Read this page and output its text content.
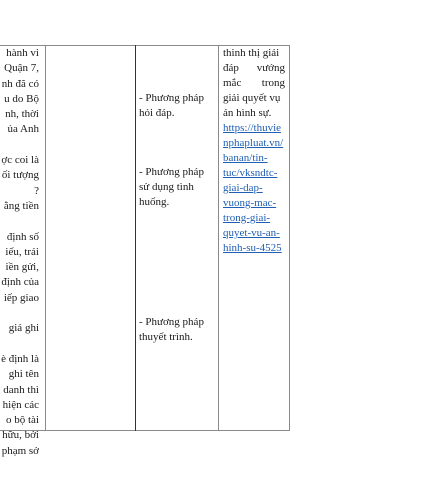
hành vi
Quận 7,
nh đã có
u do Bộ
nh, thời
ủa Anh
ợc coi là
ối tượng
?
ằng tiền
định số
iếu, trái
iền gửi,
định của
iếp giao
giá ghi
è định là
ghi tên
danh thì
hiện các
o bộ tài
hữu, bởi
phạm sở
- Phương pháp
hỏi đáp.
- Phương pháp
sử dụng tình
huống.
- Phương pháp
thuyết trình.
thinh thị giải
đáp vướng
mắc trong
giải quyết vụ
án hình sự.
https://thuvie
nphapluat.vn/
banan/tin-
tuc/vksndtc-
giai-dap-
vuong-mac-
trong-giai-
quyet-vu-an-
hinh-su-4525
